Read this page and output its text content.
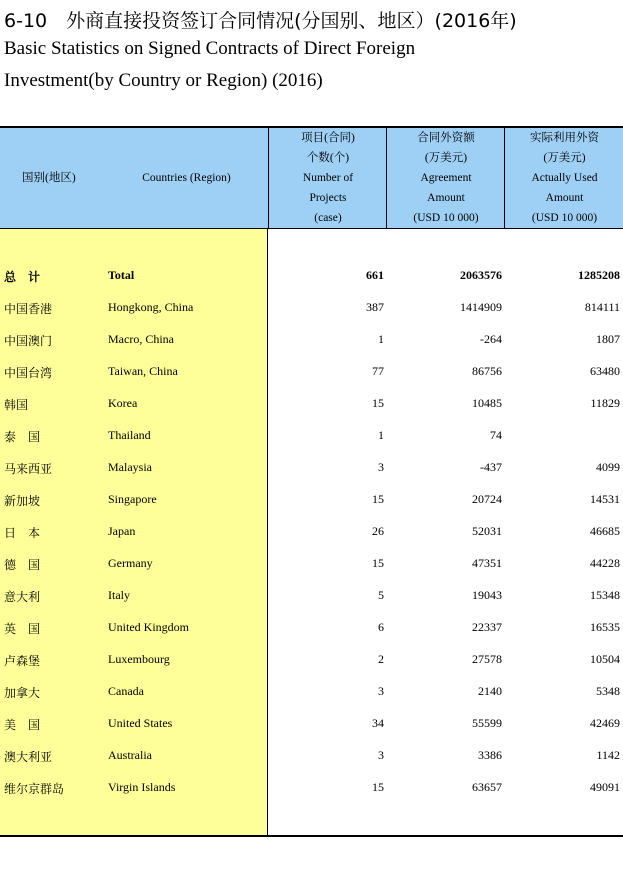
6-10　外商直接投资签订合同情况(分国别、地区）(2016年)
Basic Statistics on Signed Contracts of Direct Foreign
Investment(by Country or Region) (2016)
国别(地区)	Countries (Region)
项目(合同)
个数(个)
Number of
Projects
(case)
合同外资额
(万美元)
Agreement
Amount
(USD 10 000)
实际利用外资
(万美元)
Actually Used
Amount
(USD 10 000)
总　计	Total	661	2063576	1285208
中国香港	Hongkong, China	387	1414909	814111
中国澳门	Macro, China	1	-264	1807
中国台湾	Taiwan, China	77	86756	63480
韩国	Korea	15	10485	11829
泰　国	Thailand	1	74
马来西亚	Malaysia	3	-437	4099
新加坡	Singapore	15	20724	14531
日　本	Japan	26	52031	46685
德　国	Germany	15	47351	44228
意大利	Italy	5	19043	15348
英　国	United Kingdom	6	22337	16535
卢森堡	Luxembourg	2	27578	10504
加拿大	Canada	3	2140	5348
美　国	United States	34	55599	42469
澳大利亚	Australia	3	3386	1142
维尔京群岛	Virgin Islands	15	63657	49091
